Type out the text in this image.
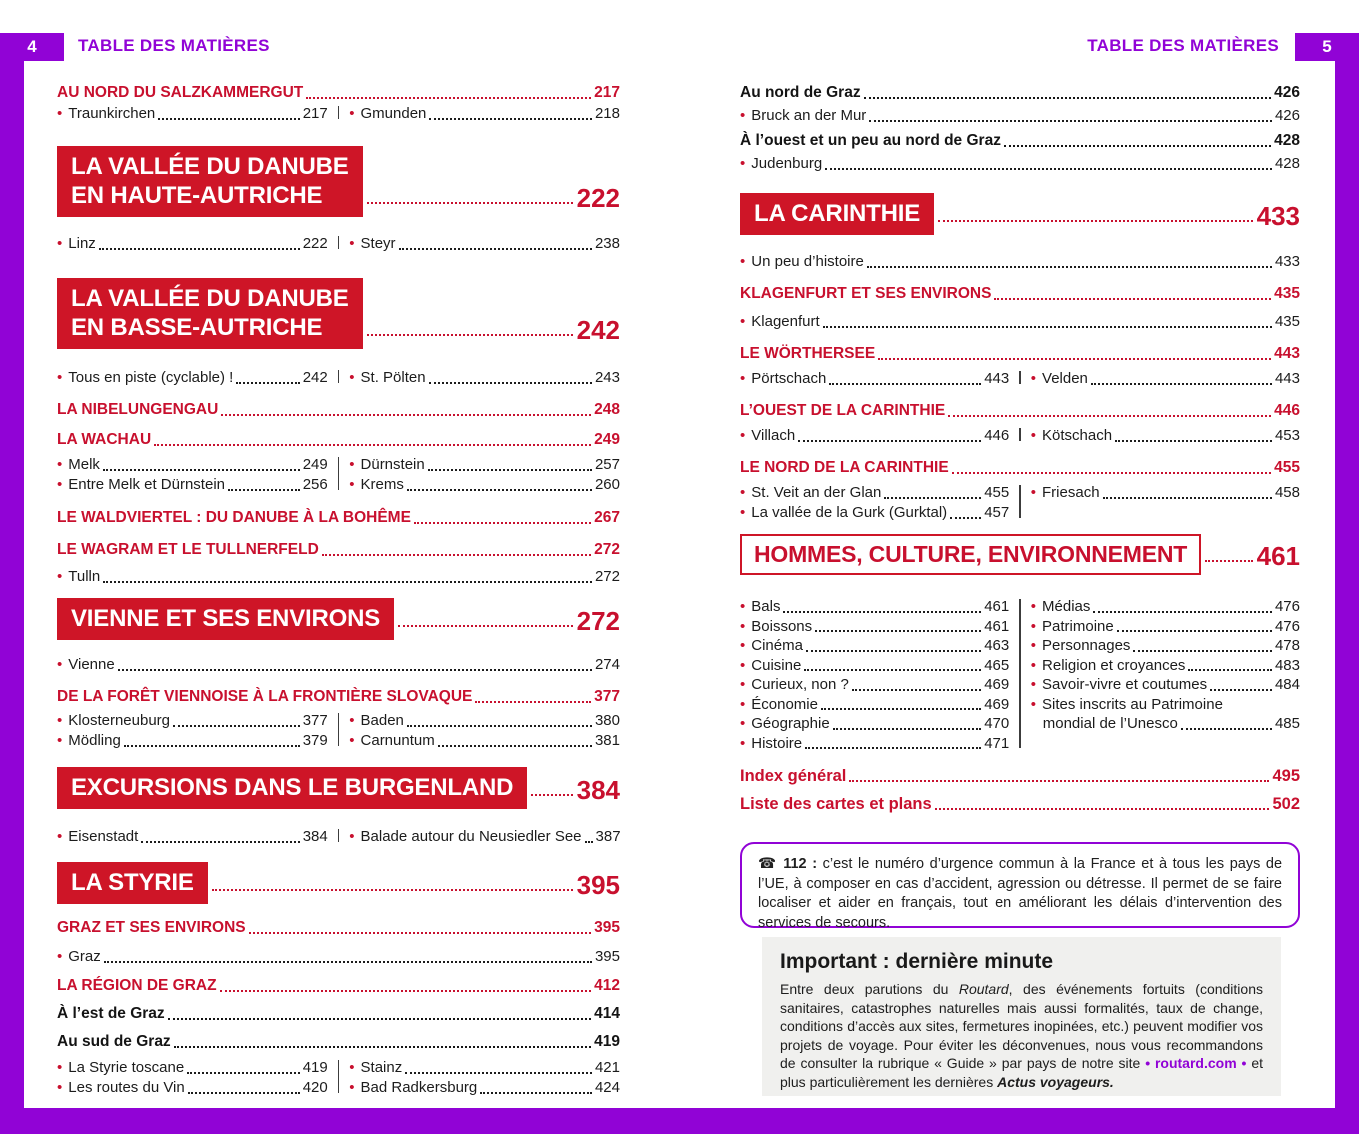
4	5
TABLE DES MATIÈRES	TABLE DES MATIÈRES
AU NORD DU SALZKAMMERGUT	217
• Traunkirchen	217 • Gmunden	218
LA VALLÉE DU DANUBE
EN HAUTE-AUTRICHE	222
• Linz	222 • Steyr	238
LA VALLÉE DU DANUBE
EN BASSE-AUTRICHE	242
• Tous en piste (cyclable) !	242 • St. Pölten	243
LA NIBELUNGENGAU	248
LA WACHAU	249
• Melk	249
• Entre Melk et Dürnstein	256
• Dürnstein	257
• Krems	260
LE WALDVIERTEL : DU DANUBE À LA BOHÊME	267
LE WAGRAM ET LE TULLNERFELD	272
• Tulln	272
VIENNE ET SES ENVIRONS	272
• Vienne	274
DE LA FORÊT VIENNOISE À LA FRONTIÈRE SLOVAQUE	377
• Klosterneuburg	377
• Mödling	379
• Baden	380
• Carnuntum	381
EXCURSIONS DANS LE BURGENLAND 384
• Eisenstadt	384 • Balade autour du Neusiedler See 387
LA STYRIE	395
GRAZ ET SES ENVIRONS	395
• Graz	395
LA RÉGION DE GRAZ	412
À l’est de Graz	414
Au sud de Graz	419
• La Styrie toscane	419
• Les routes du Vin	420
• Stainz	421
• Bad Radkersburg	424
Au nord de Graz	426
• Bruck an der Mur	426
À l’ouest et un peu au nord de Graz	428
• Judenburg	428
LA CARINTHIE	433
• Un peu d’histoire	433
KLAGENFURT ET SES ENVIRONS	435
• Klagenfurt	435
LE WÖRTHERSEE	443
• Pörtschach	443 • Velden	443
L’OUEST DE LA CARINTHIE	446
• Villach	446 • Kötschach	453
LE NORD DE LA CARINTHIE	455
• St. Veit an der Glan	455
• La vallée de la Gurk (Gurktal) 457
• Friesach	458
HOMMES, CULTURE, ENVIRONNEMENT	461
• Bals	461
• Boissons	461
• Cinéma	463
• Cuisine	465
• Curieux, non ?	469
• Économie	469
• Géographie	470
• Histoire	471
• Médias	476
• Patrimoine	476
• Personnages	478
• Religion et croyances	483
• Savoir-vivre et coutumes	484
• Sites inscrits au Patrimoine
mondial de l’Unesco	485
Index général	495
Liste des cartes et plans	502
☎ 112 : c’est le numéro d’urgence commun à la France et à tous les pays de l’UE, à composer en cas d’accident, agression ou détresse. Il permet de se faire localiser et aider en français, tout en améliorant les délais d’intervention des services de secours.
Important : dernière minute

Entre deux parutions du Routard, des événements fortuits (conditions sanitaires, catastrophes naturelles mais aussi formalités, taux de change, conditions d’accès aux sites, fermetures inopinées, etc.) peuvent modifier vos projets de voyage. Pour éviter les déconvenues, nous vous recommandons de consulter la rubrique « Guide » par pays de notre site • routard.com • et plus particulièrement les dernières Actus voyageurs.
